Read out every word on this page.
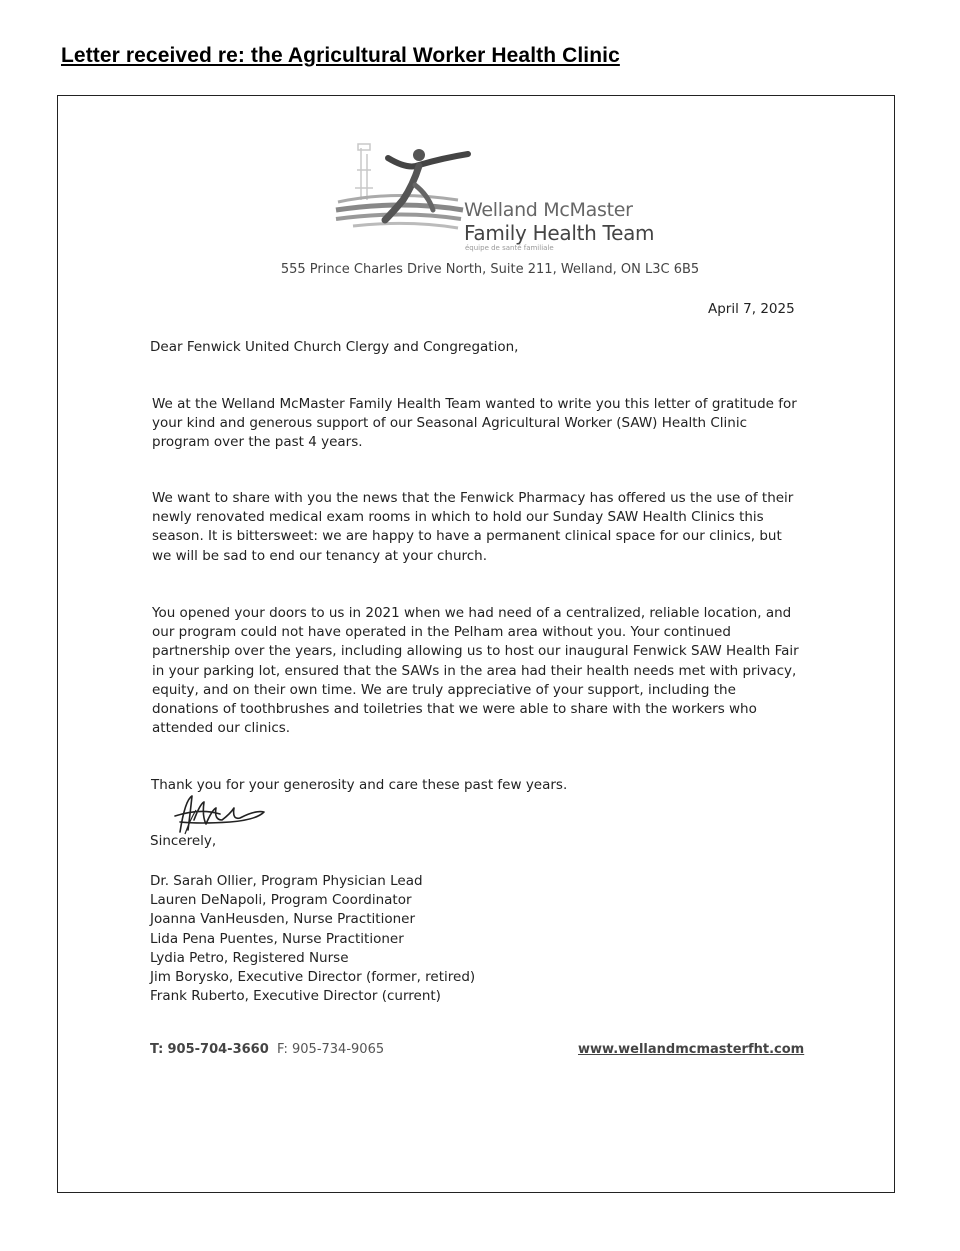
Letter received re: the Agricultural Worker Health Clinic
Welland McMaster
Family Health Team
équipe de santé familiale
555 Prince Charles Drive North, Suite 211, Welland, ON L3C 6B5
April 7, 2025
Dear Fenwick United Church Clergy and Congregation,
We at the Welland McMaster Family Health Team wanted to write you this letter of gratitude for your kind and generous support of our Seasonal Agricultural Worker (SAW) Health Clinic program over the past 4 years.
We want to share with you the news that the Fenwick Pharmacy has offered us the use of their newly renovated medical exam rooms in which to hold our Sunday SAW Health Clinics this season. It is bittersweet: we are happy to have a permanent clinical space for our clinics, but we will be sad to end our tenancy at your church.
You opened your doors to us in 2021 when we had need of a centralized, reliable location, and our program could not have operated in the Pelham area without you. Your continued partnership over the years, including allowing us to host our inaugural Fenwick SAW Health Fair in your parking lot, ensured that the SAWs in the area had their health needs met with privacy, equity, and on their own time. We are truly appreciative of your support, including the donations of toothbrushes and toiletries that we were able to share with the workers who attended our clinics.
Thank you for your generosity and care these past few years.
Sincerely,
Dr. Sarah Ollier, Program Physician Lead
Lauren DeNapoli, Program Coordinator
Joanna VanHeusden, Nurse Practitioner
Lida Pena Puentes, Nurse Practitioner
Lydia Petro, Registered Nurse
Jim Borysko, Executive Director (former, retired)
Frank Ruberto, Executive Director (current)
T: 905-704-3660 F: 905-734-9065	www.wellandmcmasterfht.com
